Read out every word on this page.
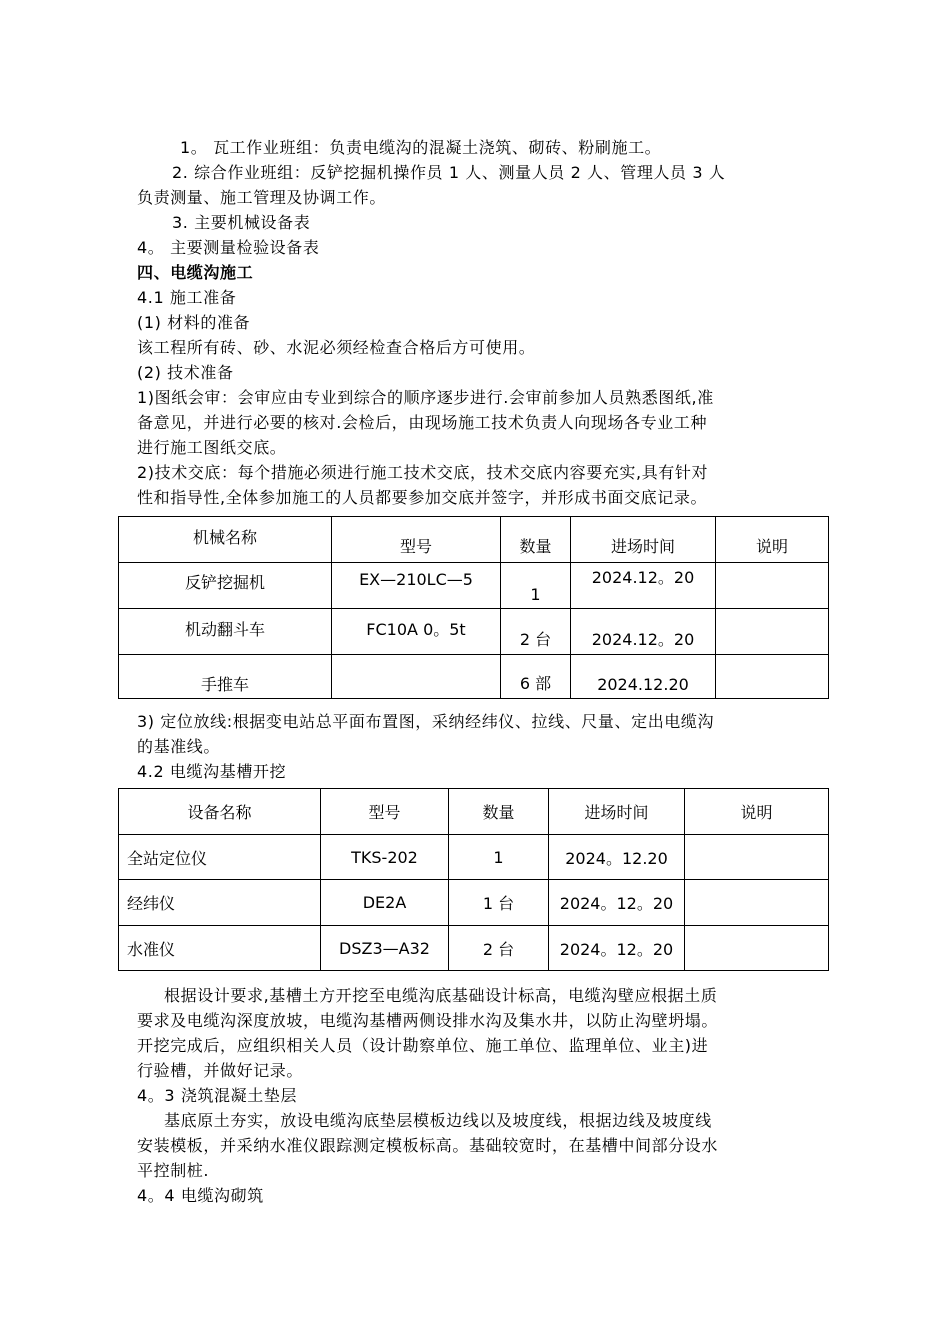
1。 瓦工作业班组：负责电缆沟的混凝土浇筑、砌砖、粉刷施工。
2. 综合作业班组：反铲挖掘机操作员 1 人、测量人员 2 人、管理人员 3 人
负责测量、施工管理及协调工作。
3. 主要机械设备表
4。 主要测量检验设备表
四、电缆沟施工
4.1 施工准备
(1) 材料的准备
该工程所有砖、砂、水泥必须经检查合格后方可使用。
(2) 技术准备
1)图纸会审：会审应由专业到综合的顺序逐步进行.会审前参加人员熟悉图纸,准
备意见，并进行必要的核对.会检后，由现场施工技术负责人向现场各专业工种
进行施工图纸交底。
2)技术交底：每个措施必须进行施工技术交底，技术交底内容要充实,具有针对
性和指导性,全体参加施工的人员都要参加交底并签字，并形成书面交底记录。
机械名称	型号	数量	进场时间	说明
反铲挖掘机	EX—210LC—5	1	2024.12。20	
机动翻斗车	FC10A 0。5t	2 台	2024.12。20	
手推车		6 部	2024.12.20	
3) 定位放线:根据变电站总平面布置图，采纳经纬仪、拉线、尺量、定出电缆沟
的基准线。
4.2 电缆沟基槽开挖
设备名称	型号	数量	进场时间	说明
全站定位仪	TKS-202	1	2024。12.20	
经纬仪	DE2A	1 台	2024。12。20	
水准仪	DSZ3—A32	2 台	2024。12。20	
根据设计要求,基槽土方开挖至电缆沟底基础设计标高，电缆沟壁应根据土质
要求及电缆沟深度放坡，电缆沟基槽两侧设排水沟及集水井，以防止沟壁坍塌。
开挖完成后，应组织相关人员（设计勘察单位、施工单位、监理单位、业主)进
行验槽，并做好记录。
4。3 浇筑混凝土垫层
基底原土夯实，放设电缆沟底垫层模板边线以及坡度线，根据边线及坡度线
安装模板，并采纳水准仪跟踪测定模板标高。基础较宽时，在基槽中间部分设水
平控制桩.
4。4 电缆沟砌筑
